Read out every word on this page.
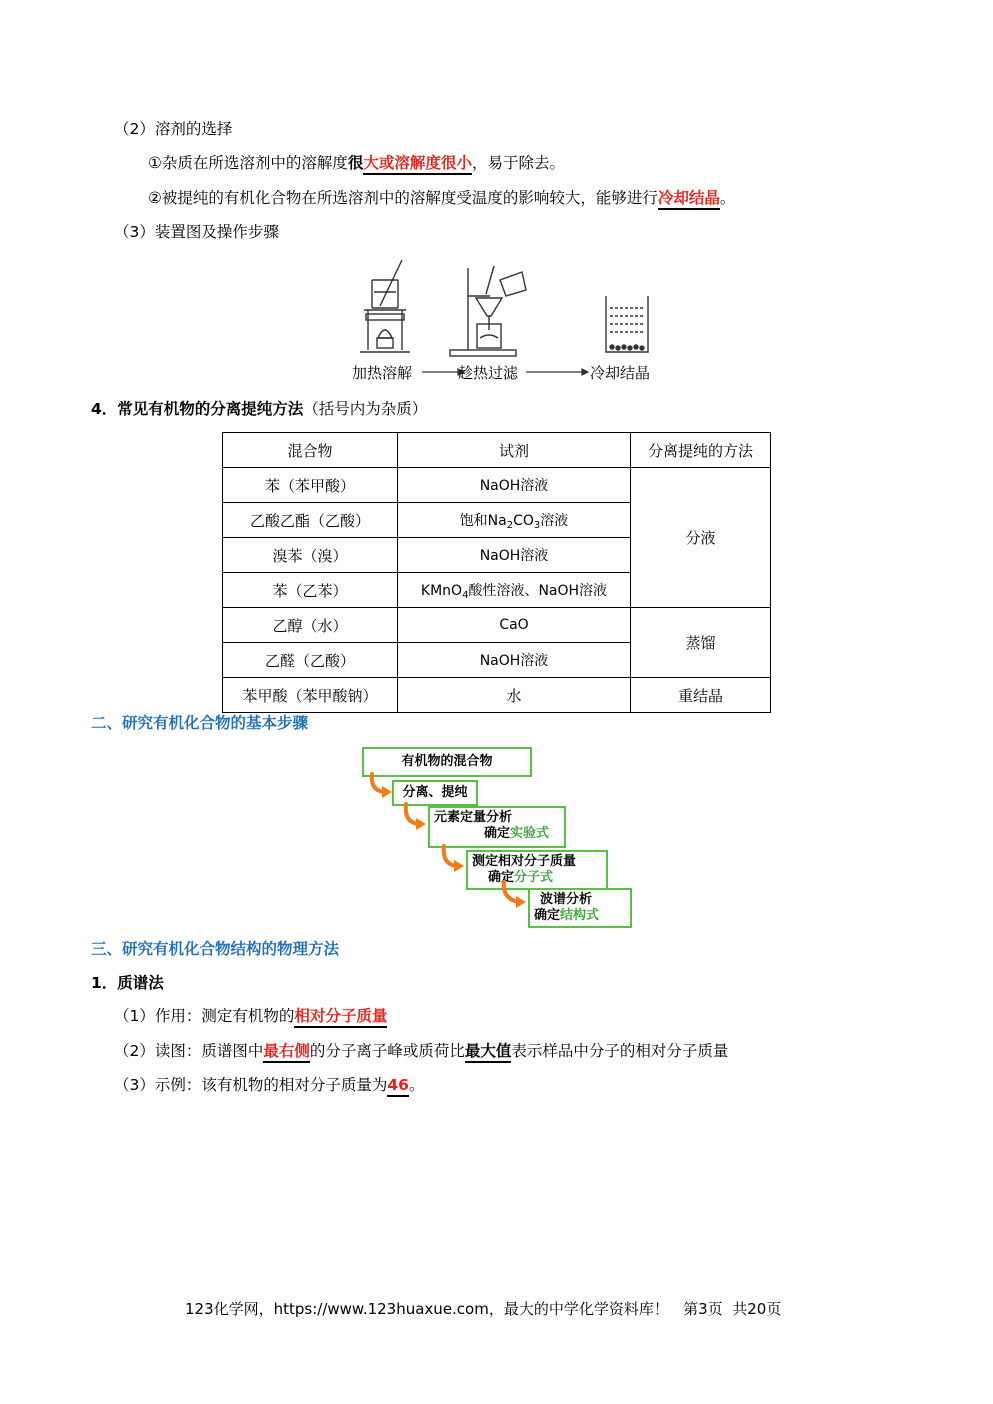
（2）溶剂的选择
①杂质在所选溶剂中的溶解度很大或溶解度很小，易于除去。
②被提纯的有机化合物在所选溶剂中的溶解度受温度的影响较大，能够进行冷却结晶。
（3）装置图及操作步骤
加热溶解	趁热过滤	冷却结晶
4．常见有机物的分离提纯方法（括号内为杂质）
混合物	试剂	分离提纯的方法
苯（苯甲酸）	NaOH溶液	分液
乙酸乙酯（乙酸）	饱和$Na_2CO_3$溶液	
溴苯（溴）	NaOH溶液	
苯（乙苯）	KMnO$_4$酸性溶液、NaOH溶液	
乙醇（水）	CaO	蒸馏
乙醛（乙酸）	NaOH溶液	
苯甲酸（苯甲酸钠）	水	重结晶
二、研究有机化合物的基本步骤
有机物的混合物
分离、提纯
元素定量分析
确定实验式
测定相对分子质量
确定分子式
波谱分析
确定结构式
三、研究有机化合物结构的物理方法
1．质谱法
（1）作用：测定有机物的相对分子质量
（2）读图：质谱图中最右侧的分子离子峰或质荷比最大值表示样品中分子的相对分子质量
（3）示例：该有机物的相对分子质量为46。
123化学网，https://www.123huaxue.com，最大的中学化学资料库！   第3页  共20页
